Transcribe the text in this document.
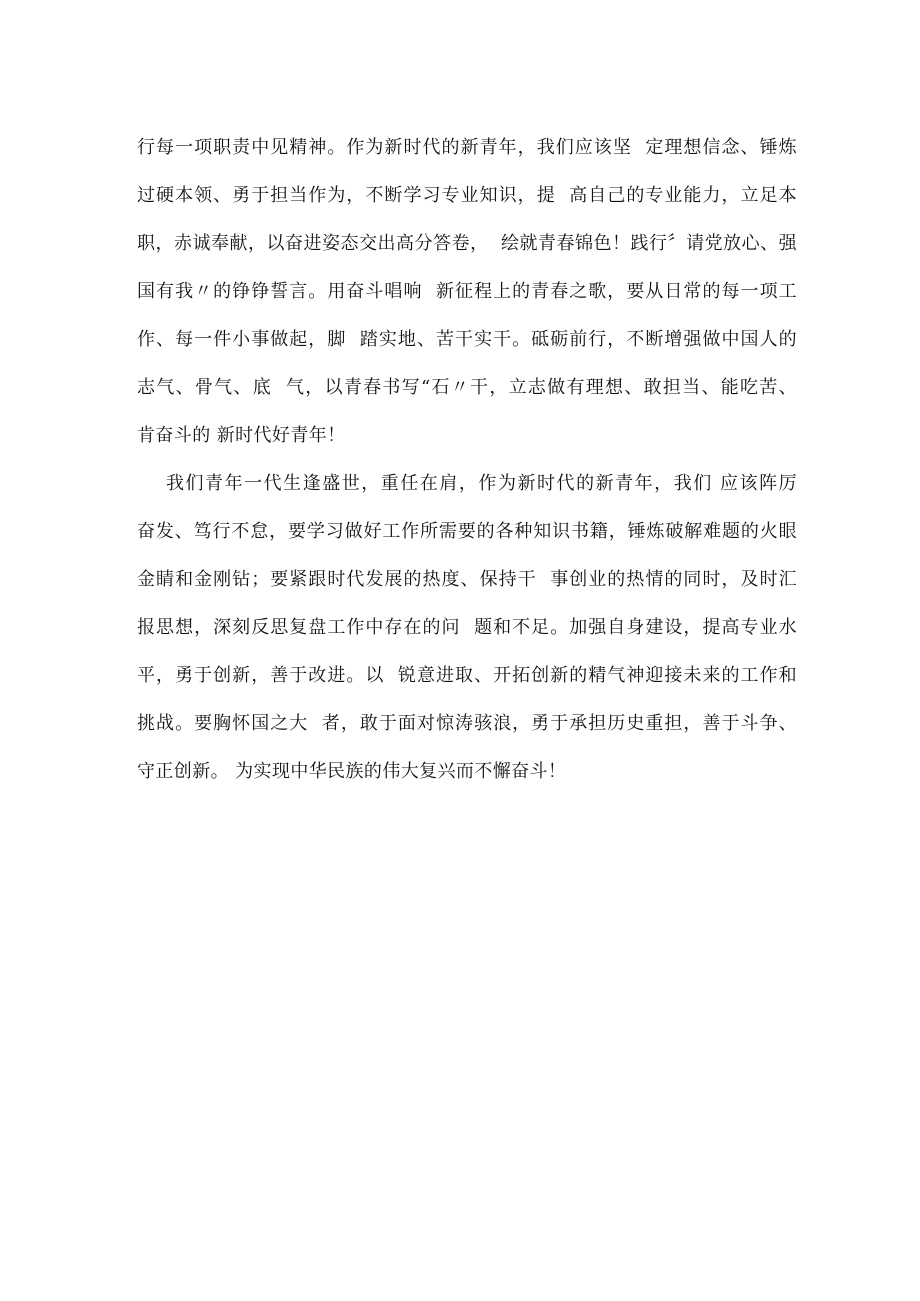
行每一项职责中见精神。作为新时代的新青年，我们应该坚  定理想信念、锤炼
过硬本领、勇于担当作为，不断学习专业知识，提  高自己的专业能力，立足本
职，赤诚奉献，以奋进姿态交出高分答卷，  绘就青春锦色！践行〞请党放心、强
国有我〃的铮铮誓言。用奋斗唱响  新征程上的青春之歌，要从日常的每一项工
作、每一件小事做起，脚  踏实地、苦干实干。砥砺前行，不断增强做中国人的
志气、骨气、底  气，以青春书写“石〃干，立志做有理想、敢担当、能吃苦、
肯奋斗的 新时代好青年！
我们青年一代生逢盛世，重任在肩，作为新时代的新青年，我们 应该阵厉
奋发、笃行不怠，要学习做好工作所需要的各种知识书籍，锤炼破解难题的火眼
金睛和金刚钻；要紧跟时代发展的热度、保持干  事创业的热情的同时，及时汇
报思想，深刻反思复盘工作中存在的问  题和不足。加强自身建设，提高专业水
平，勇于创新，善于改进。以  锐意进取、开拓创新的精气神迎接未来的工作和
挑战。要胸怀国之大  者，敢于面对惊涛骇浪，勇于承担历史重担，善于斗争、
守正创新。 为实现中华民族的伟大复兴而不懈奋斗！
